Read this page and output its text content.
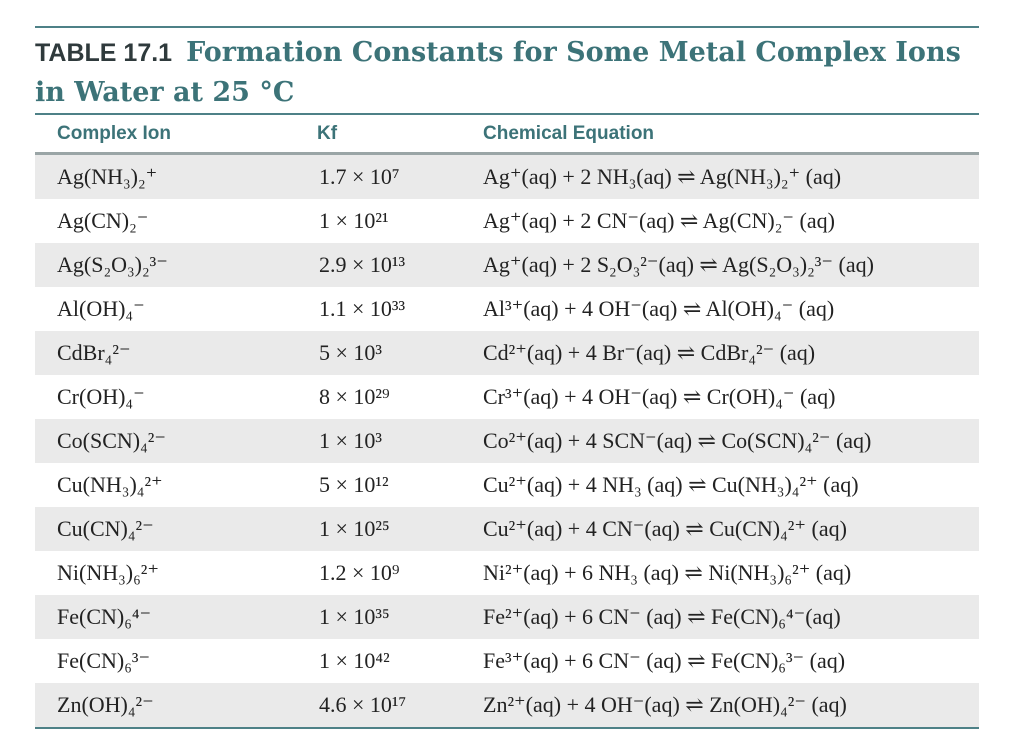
TABLE 17.1 Formation Constants for Some Metal Complex Ions in Water at 25 °C
Complex Ion	Kf	Chemical Equation
Ag(NH₃)₂⁺	1.7 × 10⁷	Ag⁺(aq) + 2 NH₃(aq) ⇌ Ag(NH₃)₂⁺ (aq)
Ag(CN)₂⁻	1 × 10²¹	Ag⁺(aq) + 2 CN⁻(aq) ⇌ Ag(CN)₂⁻ (aq)
Ag(S₂O₃)₂³⁻	2.9 × 10¹³	Ag⁺(aq) + 2 S₂O₃²⁻(aq) ⇌ Ag(S₂O₃)₂³⁻ (aq)
Al(OH)₄⁻	1.1 × 10³³	Al³⁺(aq) + 4 OH⁻(aq) ⇌ Al(OH)₄⁻ (aq)
CdBr₄²⁻	5 × 10³	Cd²⁺(aq) + 4 Br⁻(aq) ⇌ CdBr₄²⁻ (aq)
Cr(OH)₄⁻	8 × 10²⁹	Cr³⁺(aq) + 4 OH⁻(aq) ⇌ Cr(OH)₄⁻ (aq)
Co(SCN)₄²⁻	1 × 10³	Co²⁺(aq) + 4 SCN⁻(aq) ⇌ Co(SCN)₄²⁻ (aq)
Cu(NH₃)₄²⁺	5 × 10¹²	Cu²⁺(aq) + 4 NH₃ (aq) ⇌ Cu(NH₃)₄²⁺ (aq)
Cu(CN)₄²⁻	1 × 10²⁵	Cu²⁺(aq) + 4 CN⁻(aq) ⇌ Cu(CN)₄²⁺ (aq)
Ni(NH₃)₆²⁺	1.2 × 10⁹	Ni²⁺(aq) + 6 NH₃ (aq) ⇌ Ni(NH₃)₆²⁺ (aq)
Fe(CN)₆⁴⁻	1 × 10³⁵	Fe²⁺(aq) + 6 CN⁻ (aq) ⇌ Fe(CN)₆⁴⁻(aq)
Fe(CN)₆³⁻	1 × 10⁴²	Fe³⁺(aq) + 6 CN⁻ (aq) ⇌ Fe(CN)₆³⁻ (aq)
Zn(OH)₄²⁻	4.6 × 10¹⁷	Zn²⁺(aq) + 4 OH⁻(aq) ⇌ Zn(OH)₄²⁻ (aq)
